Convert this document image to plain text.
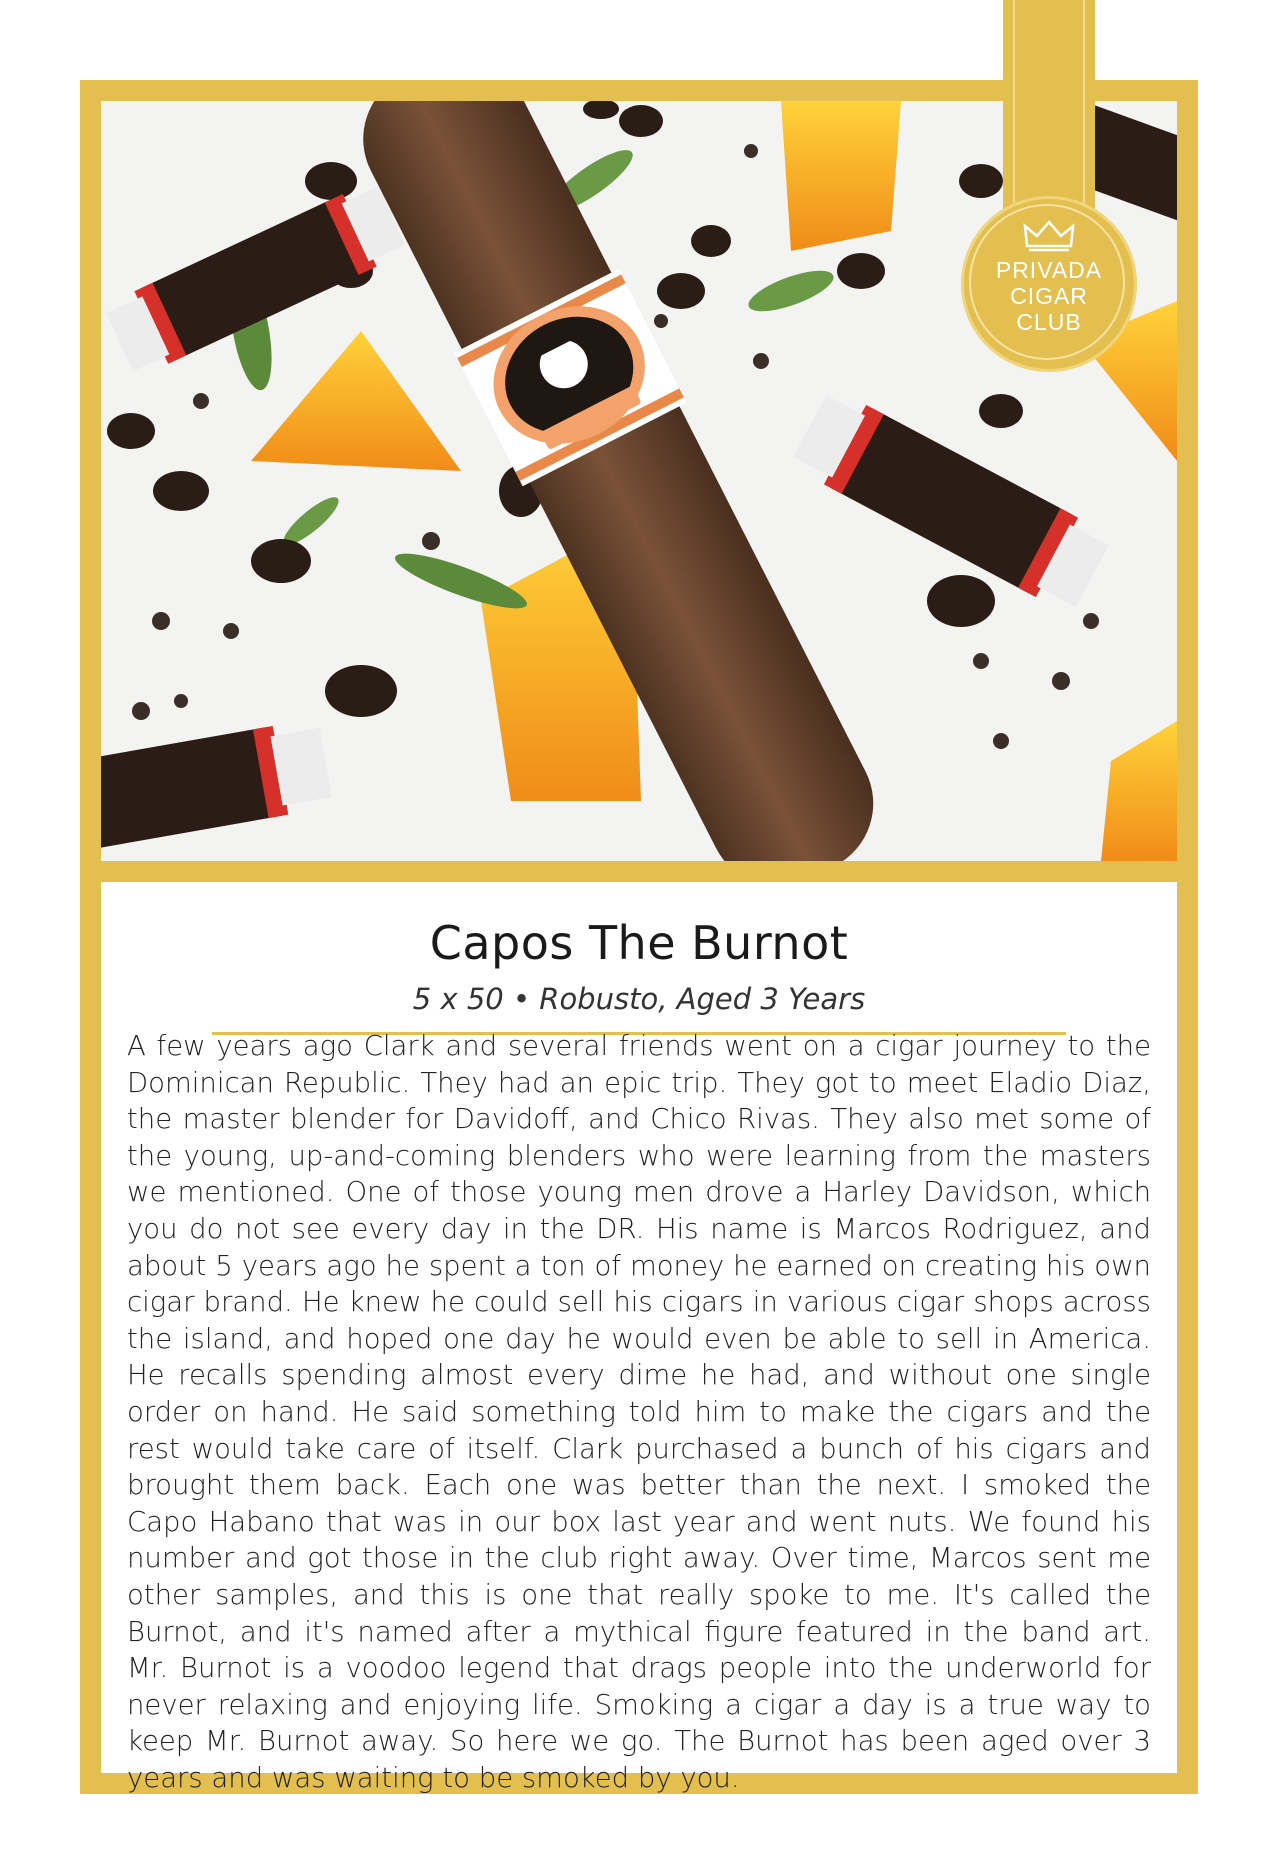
Capos The Burnot
5 x 50 • Robusto, Aged 3 Years
A few years ago Clark and several friends went on a cigar journey to the Dominican Republic. They had an epic trip. They got to meet Eladio Diaz, the master blender for Davidoff, and Chico Rivas. They also met some of the young, up-and-coming blenders who were learning from the masters we mentioned. One of those young men drove a Harley Davidson, which you do not see every day in the DR. His name is Marcos Rodriguez, and about 5 years ago he spent a ton of money he earned on creating his own cigar brand. He knew he could sell his cigars in various cigar shops across the island, and hoped one day he would even be able to sell in America. He recalls spending almost every dime he had, and without one single order on hand. He said something told him to make the cigars and the rest would take care of itself. Clark purchased a bunch of his cigars and brought them back. Each one was better than the next. I smoked the Capo Habano that was in our box last year and went nuts. We found his number and got those in the club right away. Over time, Marcos sent me other samples, and this is one that really spoke to me. It's called the Burnot, and it's named after a mythical figure featured in the band art. Mr. Burnot is a voodoo legend that drags people into the underworld for never relaxing and enjoying life. Smoking a cigar a day is a true way to keep Mr. Burnot away. So here we go. The Burnot has been aged over 3 years and was waiting to be smoked by you.
PRIVADA
CIGAR
CLUB
